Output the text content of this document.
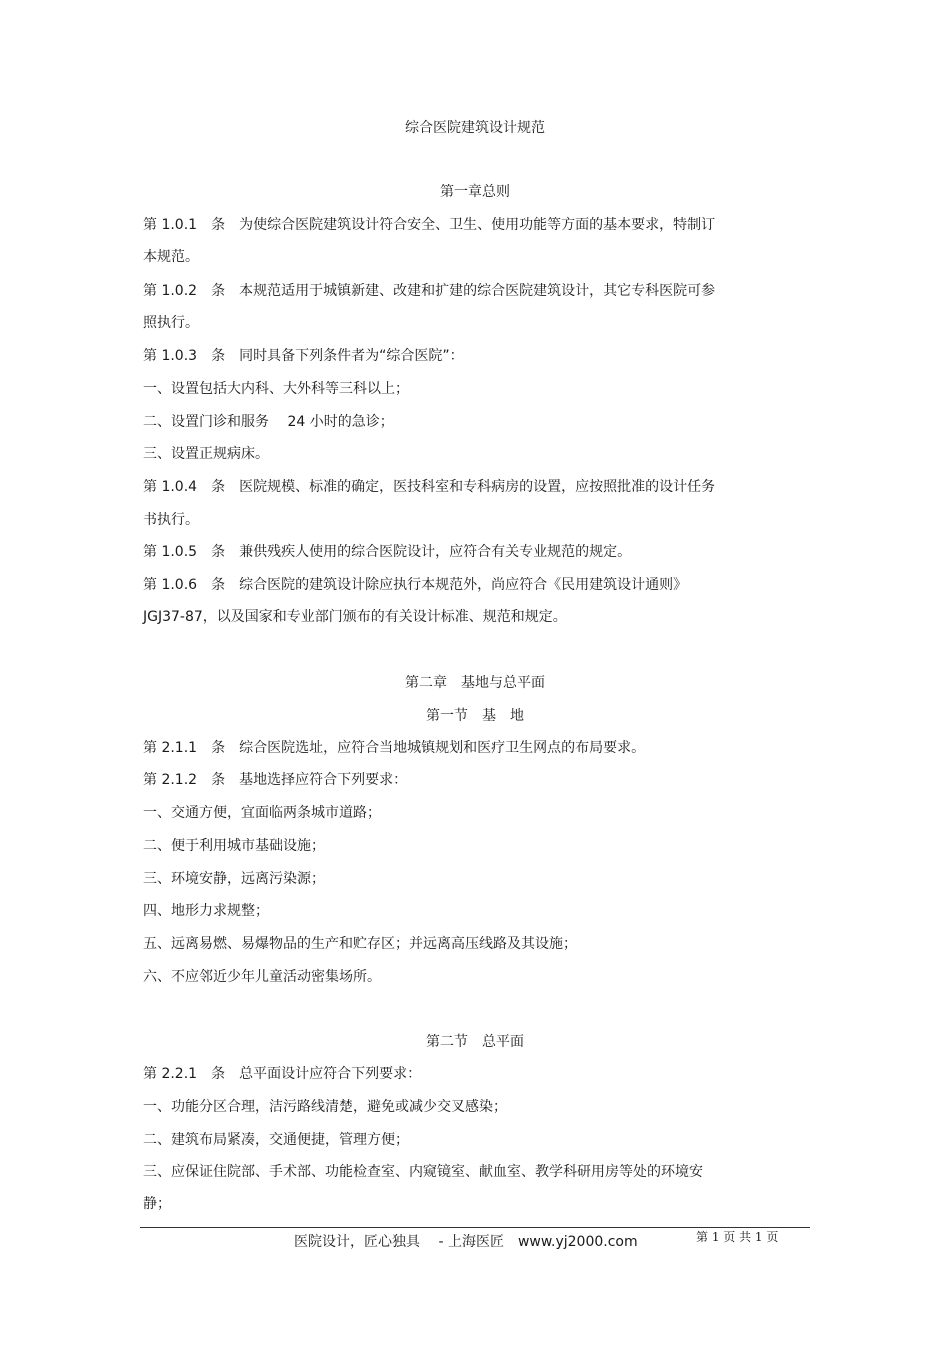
综合医院建筑设计规范
第一章总则
第 1.0.1　条　为使综合医院建筑设计符合安全、卫生、使用功能等方面的基本要求，特制订
本规范。
第 1.0.2　条　本规范适用于城镇新建、改建和扩建的综合医院建筑设计，其它专科医院可参
照执行。
第 1.0.3　条　同时具备下列条件者为“综合医院”：
一、设置包括大内科、大外科等三科以上；
二、设置门诊和服务　 24 小时的急诊；
三、设置正规病床。
第 1.0.4　条　医院规模、标准的确定，医技科室和专科病房的设置，应按照批准的设计任务
书执行。
第 1.0.5　条　兼供残疾人使用的综合医院设计，应符合有关专业规范的规定。
第 1.0.6　条　综合医院的建筑设计除应执行本规范外，尚应符合《民用建筑设计通则》
JGJ37-87，以及国家和专业部门颁布的有关设计标准、规范和规定。
第二章　基地与总平面
第一节　基　地
第 2.1.1　条　综合医院选址，应符合当地城镇规划和医疗卫生网点的布局要求。
第 2.1.2　条　基地选择应符合下列要求：
一、交通方便，宜面临两条城市道路；
二、便于利用城市基础设施；
三、环境安静，远离污染源；
四、地形力求规整；
五、远离易燃、易爆物品的生产和贮存区；并远离高压线路及其设施；
六、不应邻近少年儿童活动密集场所。
第二节　总平面
第 2.2.1　条　总平面设计应符合下列要求：
一、功能分区合理，洁污路线清楚，避免或减少交叉感染；
二、建筑布局紧凑，交通便捷，管理方便；
三、应保证住院部、手术部、功能检查室、内窥镜室、献血室、教学科研用房等处的环境安
静；
医院设计，匠心独具　 - 上海医匠　www.yj2000.com	第 1 页 共 1 页
